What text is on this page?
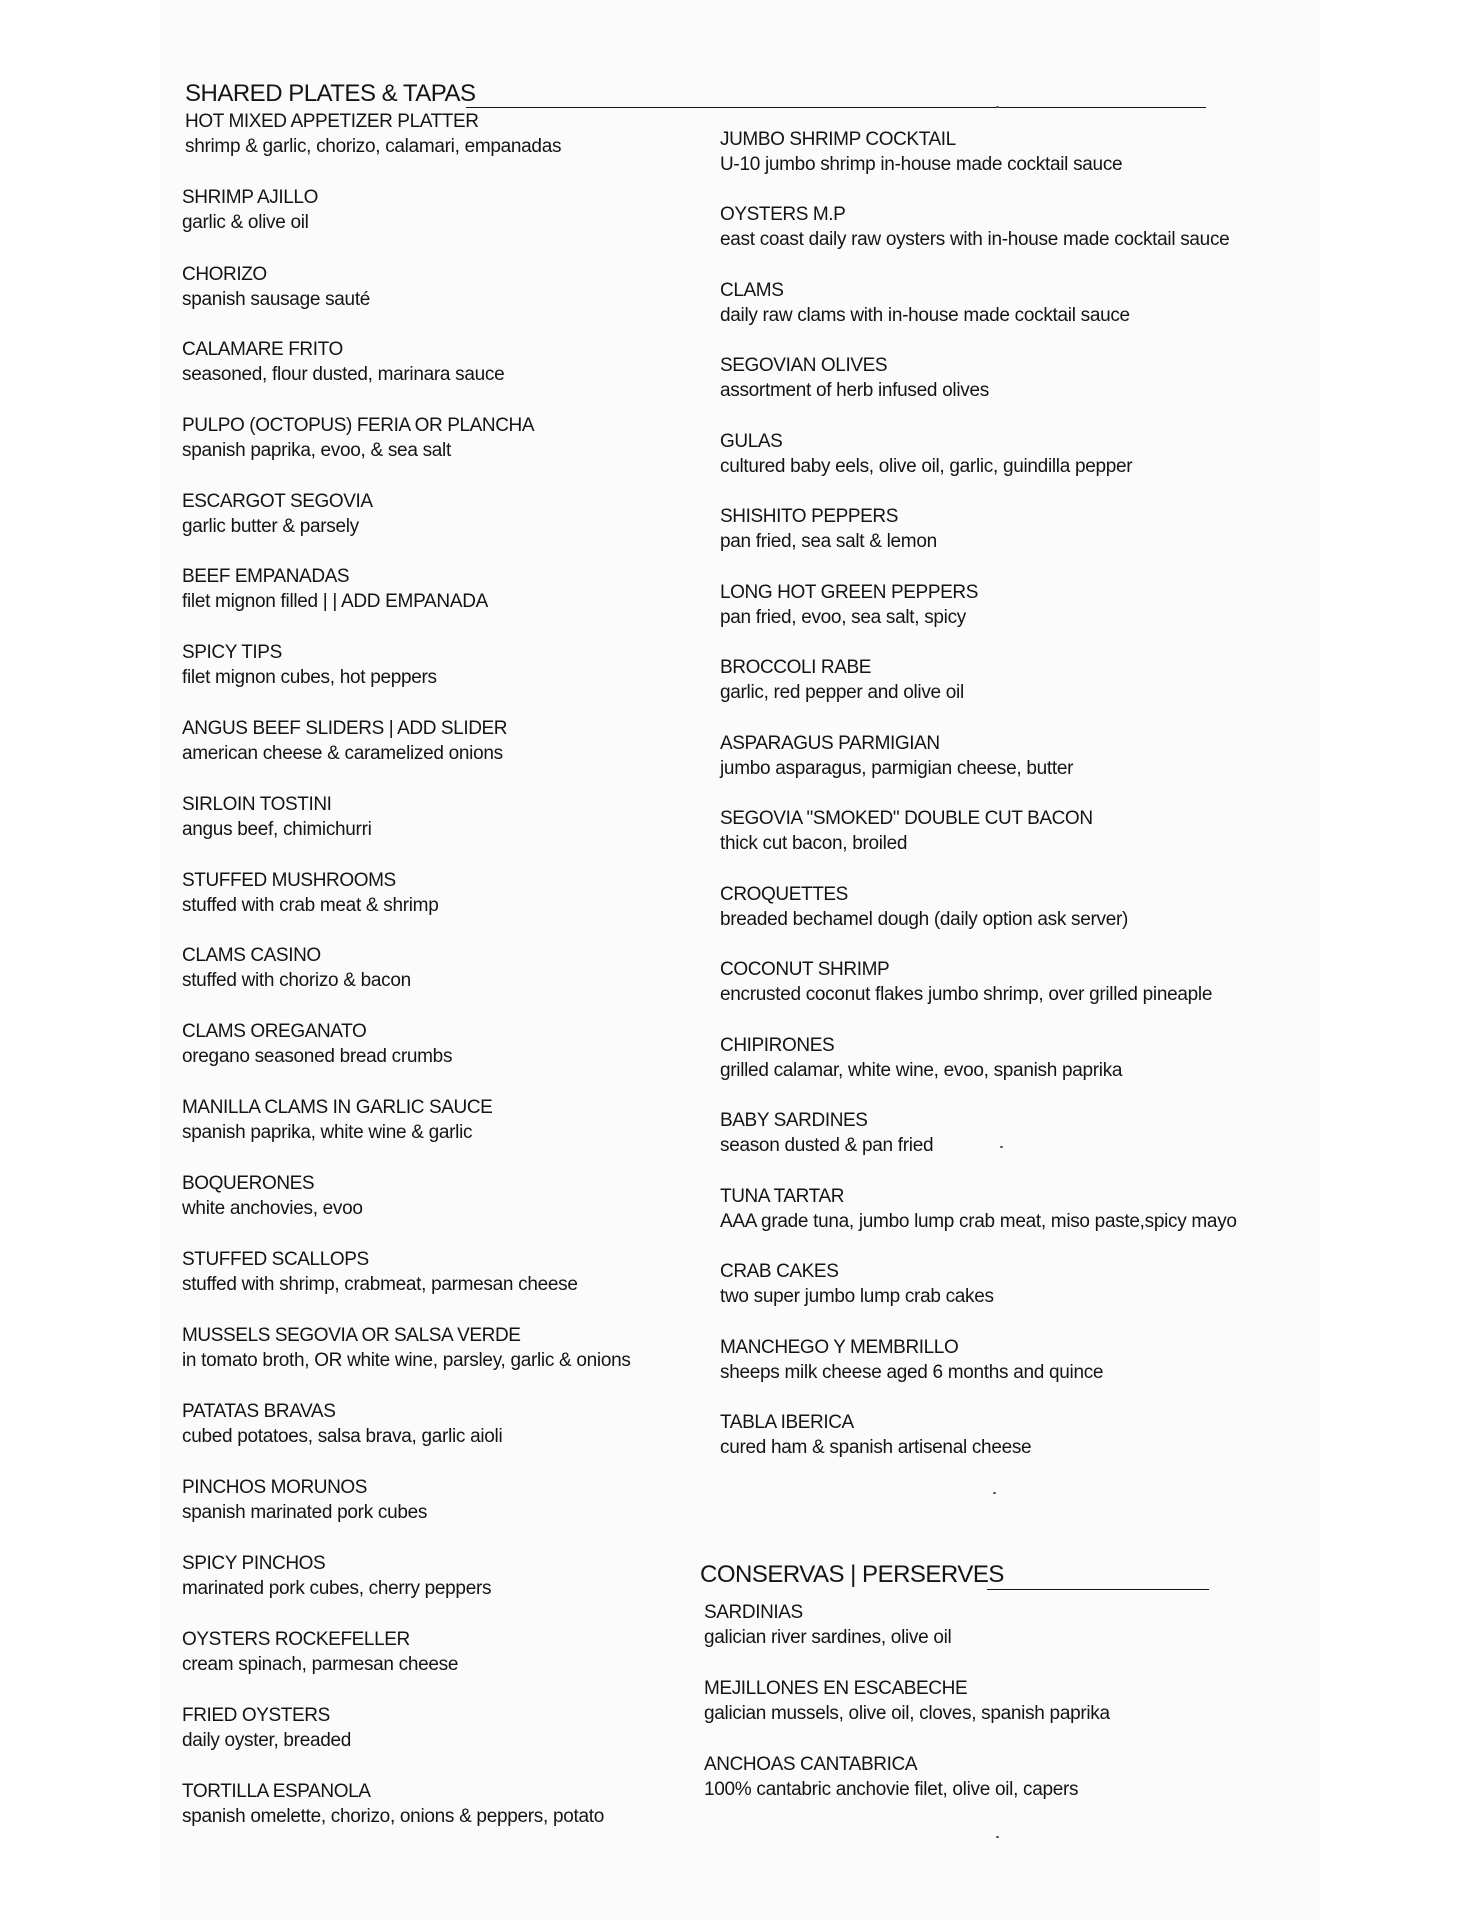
SHARED PLATES & TAPAS
HOT MIXED APPETIZER PLATTER
shrimp & garlic, chorizo, calamari, empanadas
SHRIMP AJILLO
garlic & olive oil
CHORIZO
spanish sausage sauté
CALAMARE FRITO
seasoned, flour dusted, marinara sauce
PULPO (OCTOPUS) FERIA OR PLANCHA
spanish paprika, evoo, & sea salt
ESCARGOT SEGOVIA
garlic butter & parsely
BEEF EMPANADAS
filet mignon filled | | ADD EMPANADA
SPICY TIPS
filet mignon cubes, hot peppers
ANGUS BEEF SLIDERS | ADD SLIDER
american cheese & caramelized onions
SIRLOIN TOSTINI
angus beef, chimichurri
STUFFED MUSHROOMS
stuffed with crab meat & shrimp
CLAMS CASINO
stuffed with chorizo & bacon
CLAMS OREGANATO
oregano seasoned bread crumbs
MANILLA CLAMS IN GARLIC SAUCE
spanish paprika, white wine & garlic
BOQUERONES
white anchovies, evoo
STUFFED SCALLOPS
stuffed with shrimp, crabmeat, parmesan cheese
MUSSELS SEGOVIA OR SALSA VERDE
in tomato broth, OR white wine, parsley, garlic & onions
PATATAS BRAVAS
cubed potatoes, salsa brava, garlic aioli
PINCHOS MORUNOS
spanish marinated pork cubes
SPICY PINCHOS
marinated pork cubes, cherry peppers
OYSTERS ROCKEFELLER
cream spinach, parmesan cheese
FRIED OYSTERS
daily oyster, breaded
TORTILLA ESPANOLA
spanish omelette, chorizo, onions & peppers, potato
JUMBO SHRIMP COCKTAIL
U-10 jumbo shrimp in-house made cocktail sauce
OYSTERS M.P
east coast daily raw oysters with in-house made cocktail sauce
CLAMS
daily raw clams with in-house made cocktail sauce
SEGOVIAN OLIVES
assortment of herb infused olives
GULAS
cultured baby eels, olive oil, garlic, guindilla pepper
SHISHITO PEPPERS
pan fried, sea salt & lemon
LONG HOT GREEN PEPPERS
pan fried, evoo, sea salt, spicy
BROCCOLI RABE
garlic, red pepper and olive oil
ASPARAGUS PARMIGIAN
jumbo asparagus, parmigian cheese, butter
SEGOVIA "SMOKED" DOUBLE CUT BACON
thick cut bacon, broiled
CROQUETTES
breaded bechamel dough (daily option ask server)
COCONUT SHRIMP
encrusted coconut flakes jumbo shrimp, over grilled pineaple
CHIPIRONES
grilled calamar, white wine, evoo, spanish paprika
BABY SARDINES
season dusted & pan fried
TUNA TARTAR
AAA grade tuna, jumbo lump crab meat, miso paste,spicy mayo
CRAB CAKES
two super jumbo lump crab cakes
MANCHEGO Y MEMBRILLO
sheeps milk cheese aged 6 months and quince
TABLA IBERICA
cured ham & spanish artisenal cheese
CONSERVAS | PERSERVES
SARDINIAS
galician river sardines, olive oil
MEJILLONES EN ESCABECHE
galician mussels, olive oil, cloves, spanish paprika
ANCHOAS CANTABRICA
100% cantabric anchovie filet, olive oil, capers
